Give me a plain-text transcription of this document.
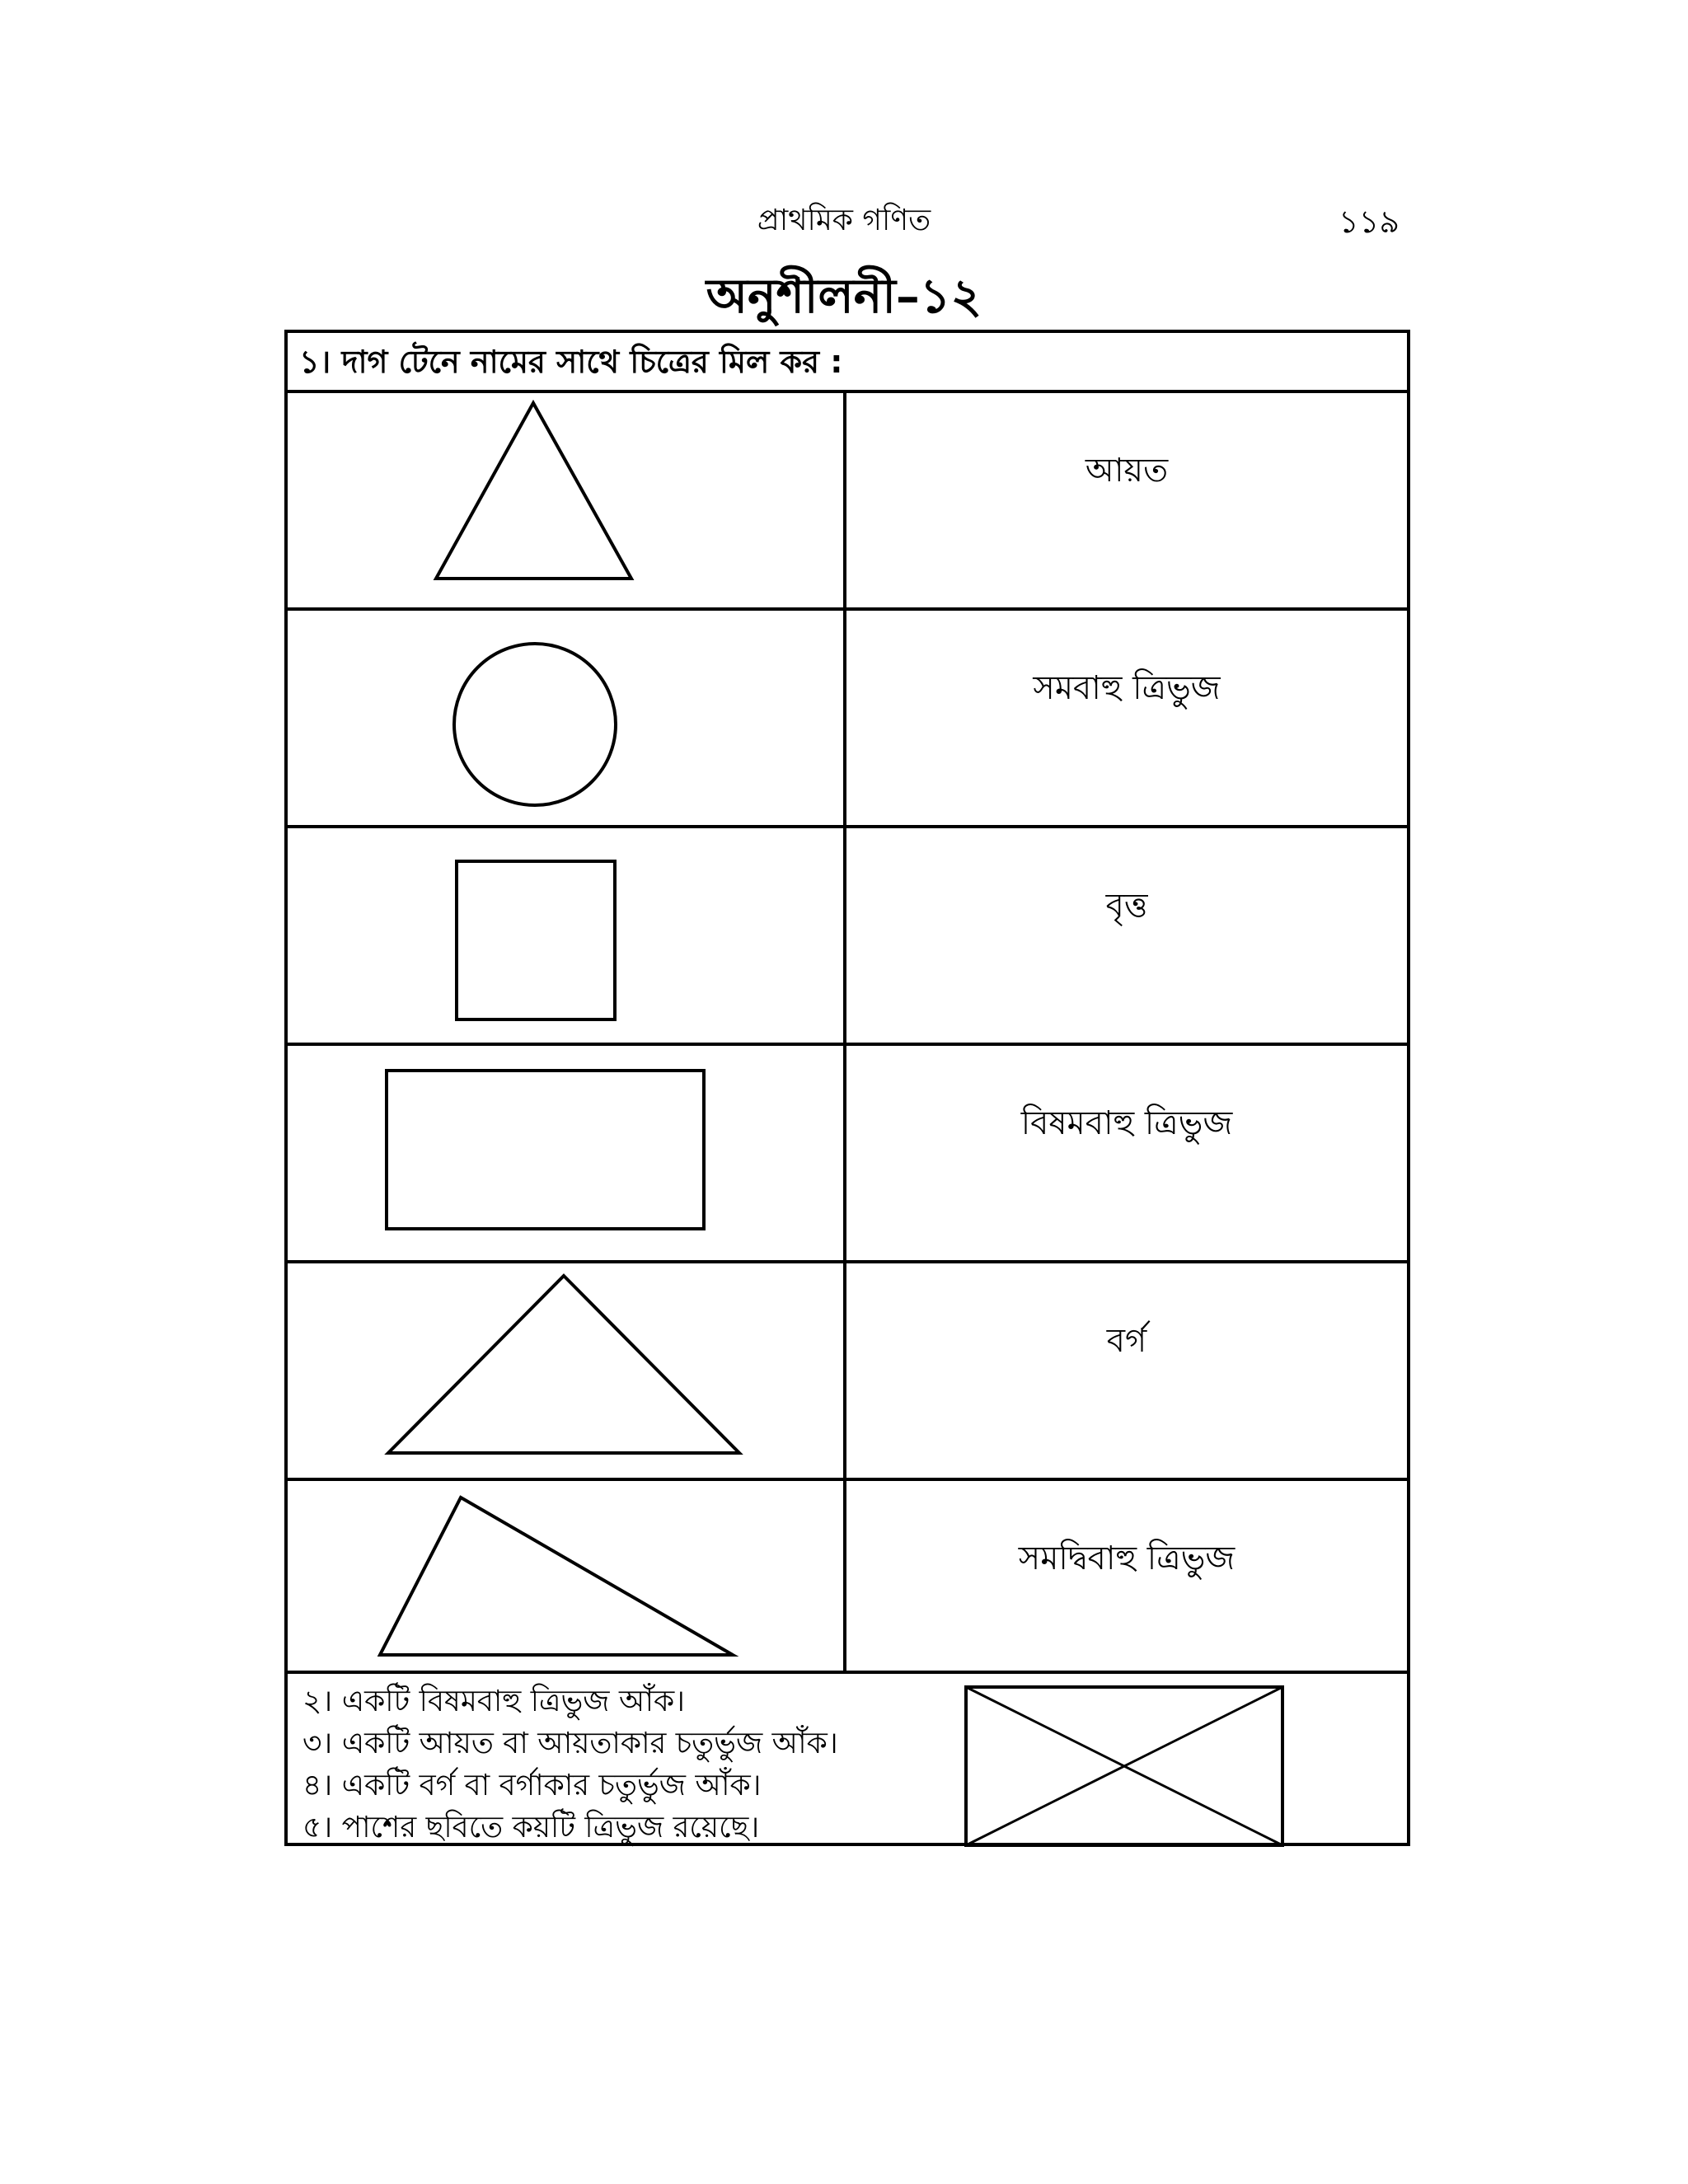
প্রাথমিক গণিত	১১৯
অনুশীলনী–১২
১। দাগ টেনে নামের সাথে চিত্রের মিল কর :
আয়ত
সমবাহু ত্রিভুজ
বৃত্ত
বিষমবাহু ত্রিভুজ
বর্গ
সমদ্বিবাহু ত্রিভুজ
২। একটি বিষমবাহু ত্রিভুজ আঁক।
৩। একটি আয়ত বা আয়তাকার চতুর্ভুজ আঁক।
৪। একটি বর্গ বা বর্গাকার চতুর্ভুজ আঁক।
৫। পাশের ছবিতে কয়টি ত্রিভুজ রয়েছে।
